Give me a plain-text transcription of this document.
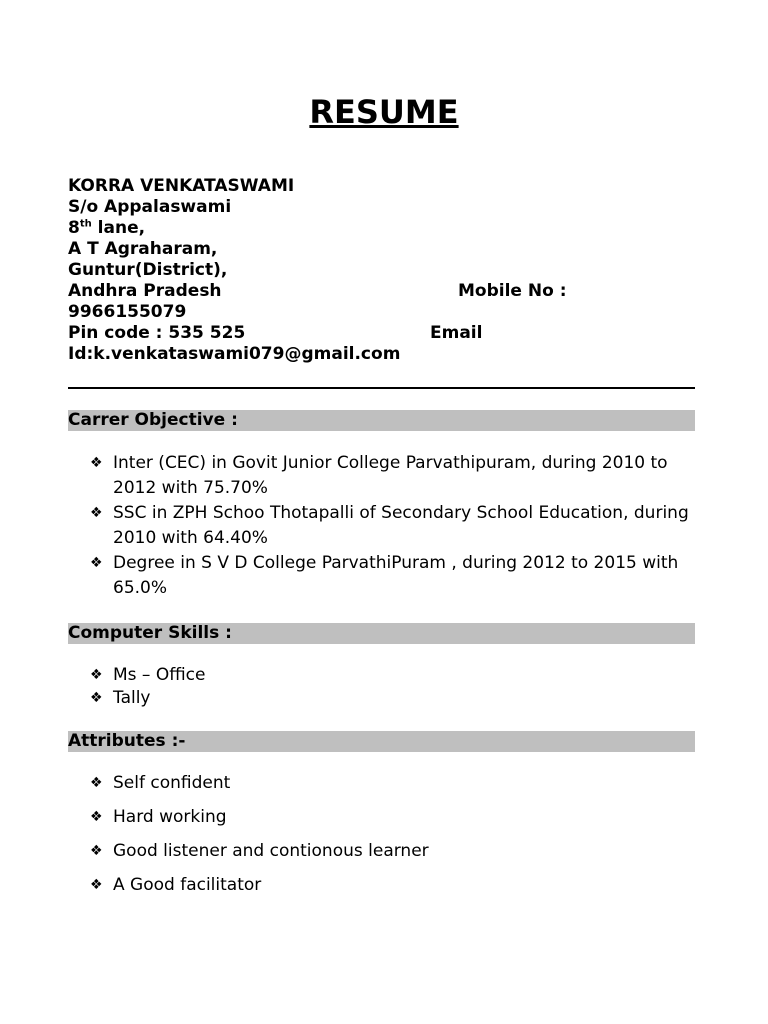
RESUME
KORRA VENKATASWAMI
S/o Appalaswami
8th lane,
A T Agraharam,
Guntur(District),
Andhra Pradesh	Mobile No :
9966155079
Pin code : 535 525	Email
Id:k.venkataswami079@gmail.com
Carrer Objective :
❖ Inter (CEC) in Govit Junior College Parvathipuram, during 2010 to 2012 with 75.70%
❖ SSC in ZPH Schoo Thotapalli of Secondary School Education, during 2010 with 64.40%
❖ Degree in S V D College ParvathiPuram , during 2012 to 2015 with 65.0%
Computer Skills :
❖ Ms – Office
❖ Tally
Attributes :-
❖ Self confident
❖ Hard working
❖ Good listener and contionous learner
❖ A Good facilitator
